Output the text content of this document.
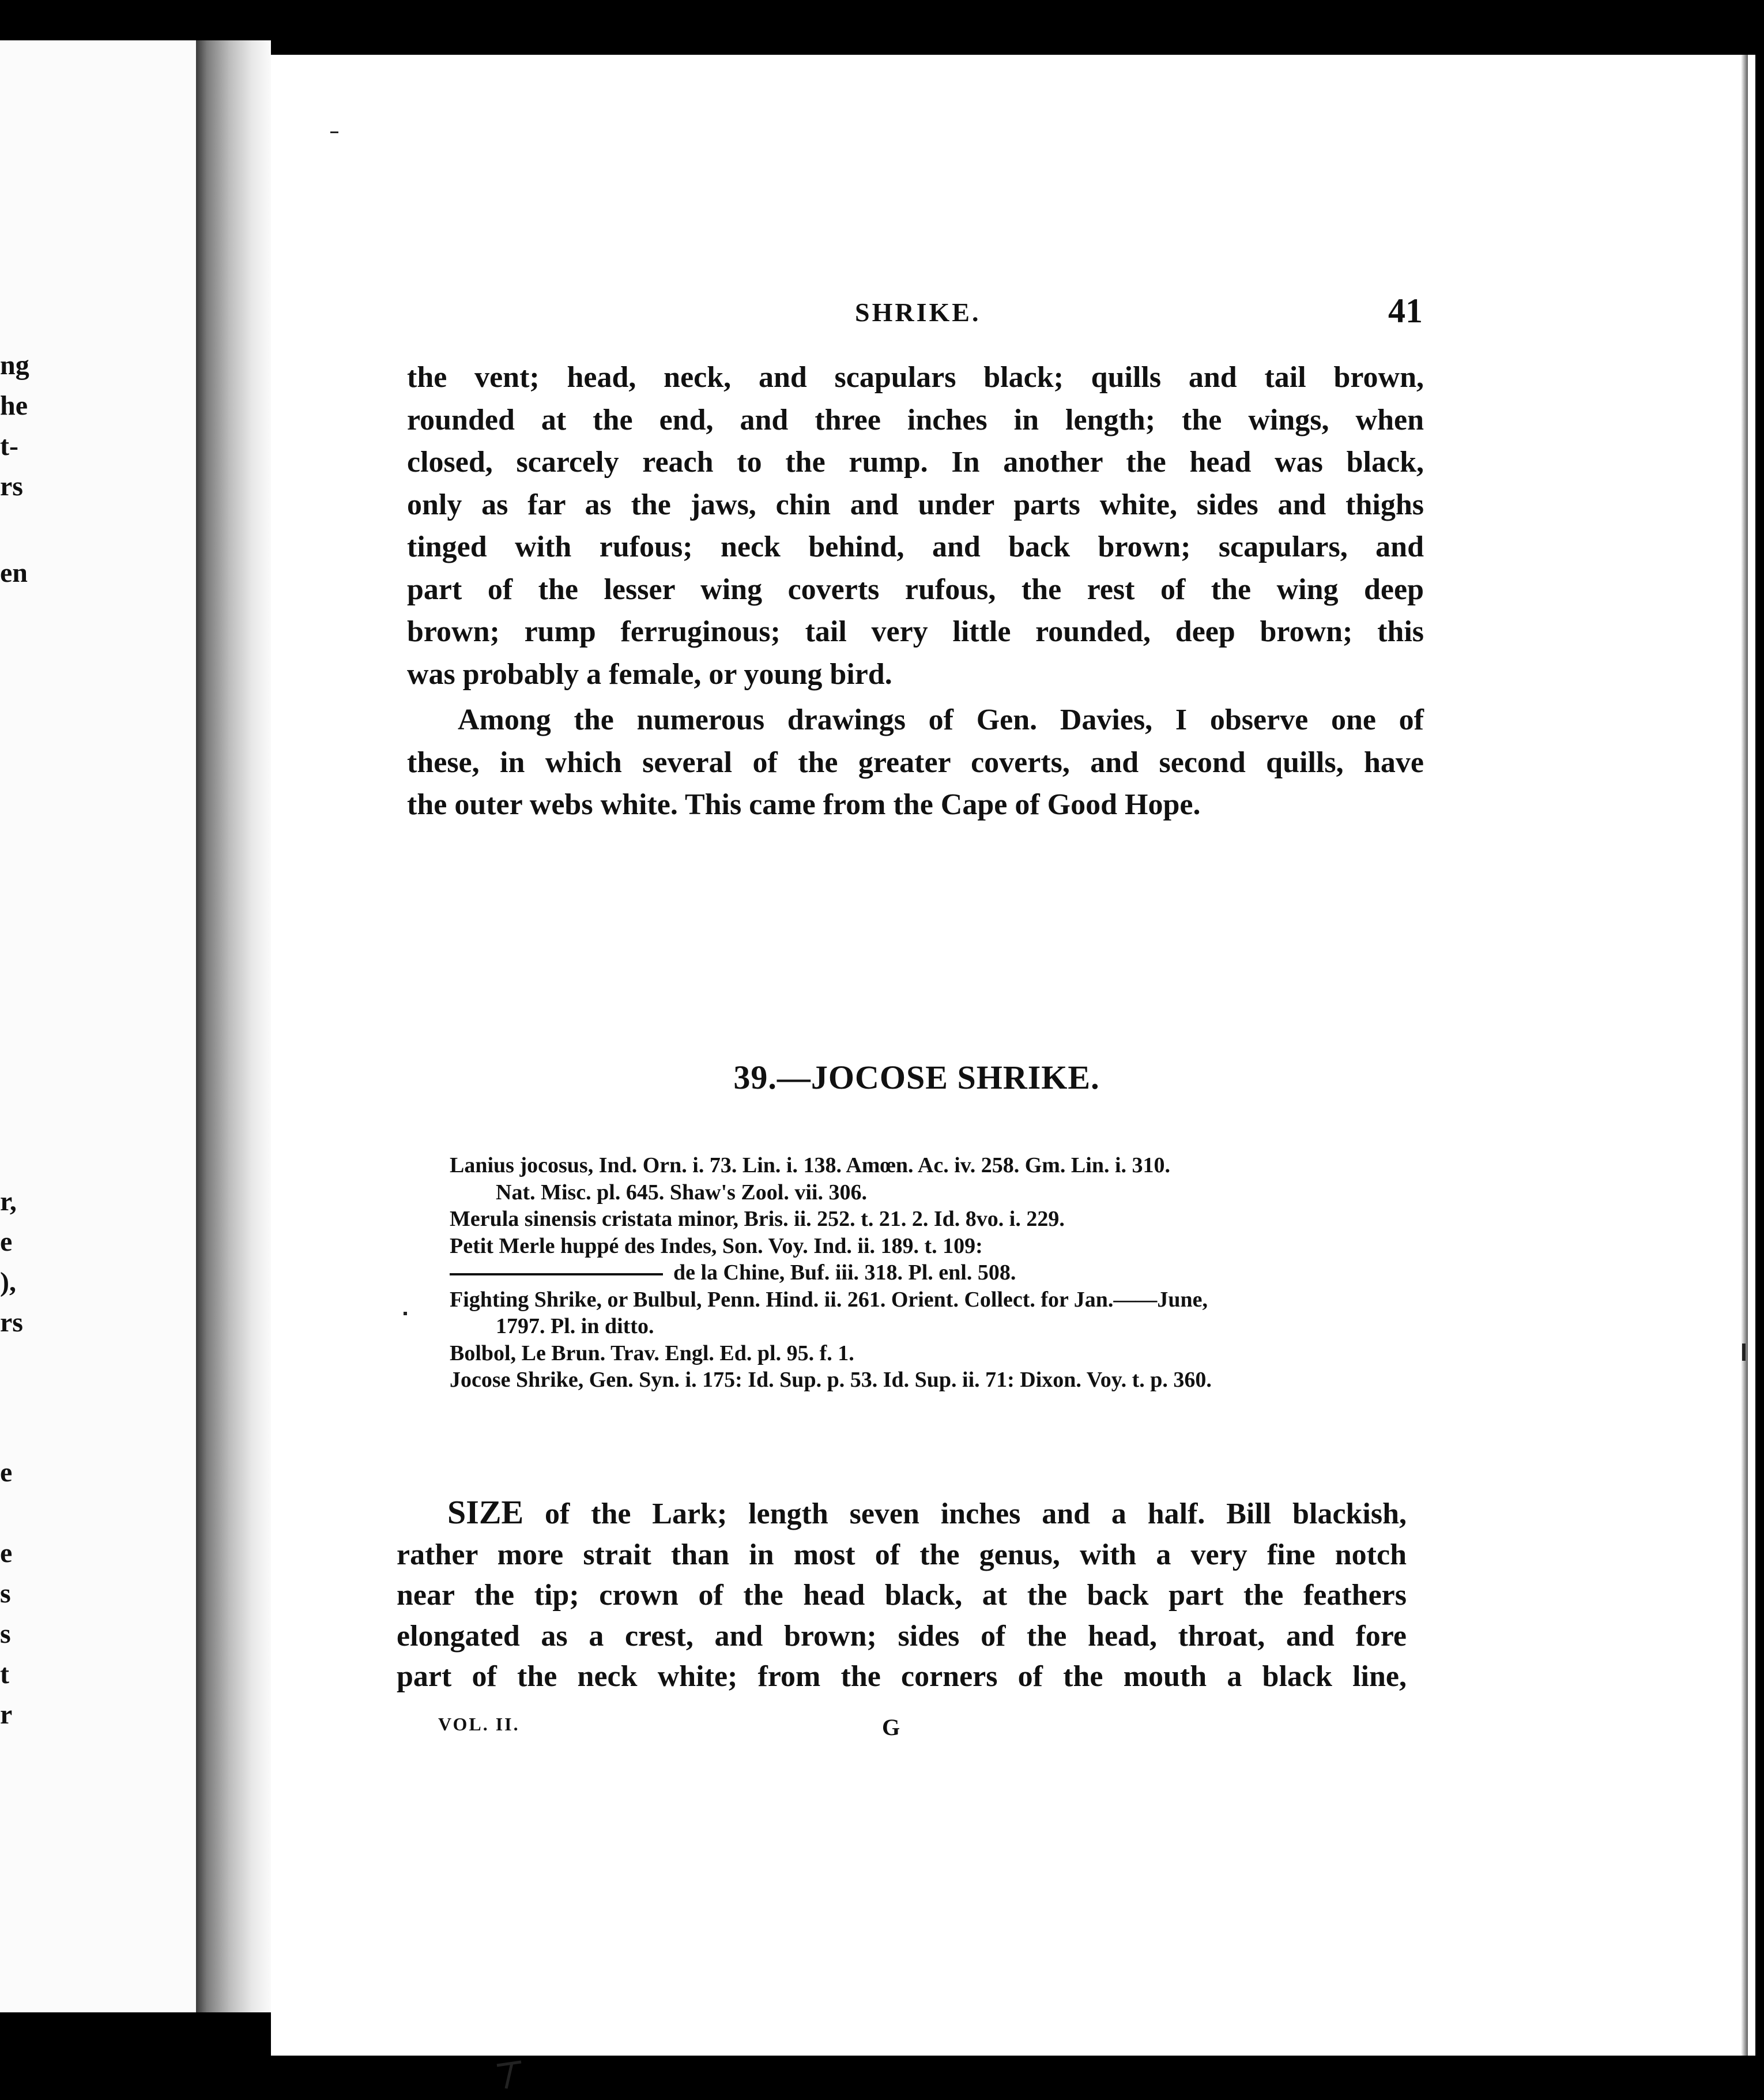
ng
he
t-
rs
en
r,
e
),
rs
e
e
s
s
t
r
SHRIKE.	41
the vent; head, neck, and scapulars black; quills and tail brown,
rounded at the end, and three inches in length; the wings, when
closed, scarcely reach to the rump. In another the head was black,
only as far as the jaws, chin and under parts white, sides and thighs
tinged with rufous; neck behind, and back brown; scapulars, and
part of the lesser wing coverts rufous, the rest of the wing deep
brown; rump ferruginous; tail very little rounded, deep brown; this
was probably a female, or young bird.
Among the numerous drawings of Gen. Davies, I observe one of
these, in which several of the greater coverts, and second quills, have
the outer webs white. This came from the Cape of Good Hope.
39.—JOCOSE SHRIKE.
Lanius jocosus, Ind. Orn. i. 73. Lin. i. 138. Amœn. Ac. iv. 258. Gm. Lin. i. 310.
Nat. Misc. pl. 645. Shaw's Zool. vii. 306.
Merula sinensis cristata minor, Bris. ii. 252. t. 21. 2. Id. 8vo. i. 229.
Petit Merle huppé des Indes, Son. Voy. Ind. ii. 189. t. 109:
de la Chine, Buf. iii. 318. Pl. enl. 508.
Fighting Shrike, or Bulbul, Penn. Hind. ii. 261. Orient. Collect. for Jan.——June,
1797. Pl. in ditto.
Bolbol, Le Brun. Trav. Engl. Ed. pl. 95. f. 1.
Jocose Shrike, Gen. Syn. i. 175: Id. Sup. p. 53. Id. Sup. ii. 71: Dixon. Voy. t. p. 360.
SIZE of the Lark; length seven inches and a half. Bill blackish,
rather more strait than in most of the genus, with a very fine notch
near the tip; crown of the head black, at the back part the feathers
elongated as a crest, and brown; sides of the head, throat, and fore
part of the neck white; from the corners of the mouth a black line,
VOL. II.	G
